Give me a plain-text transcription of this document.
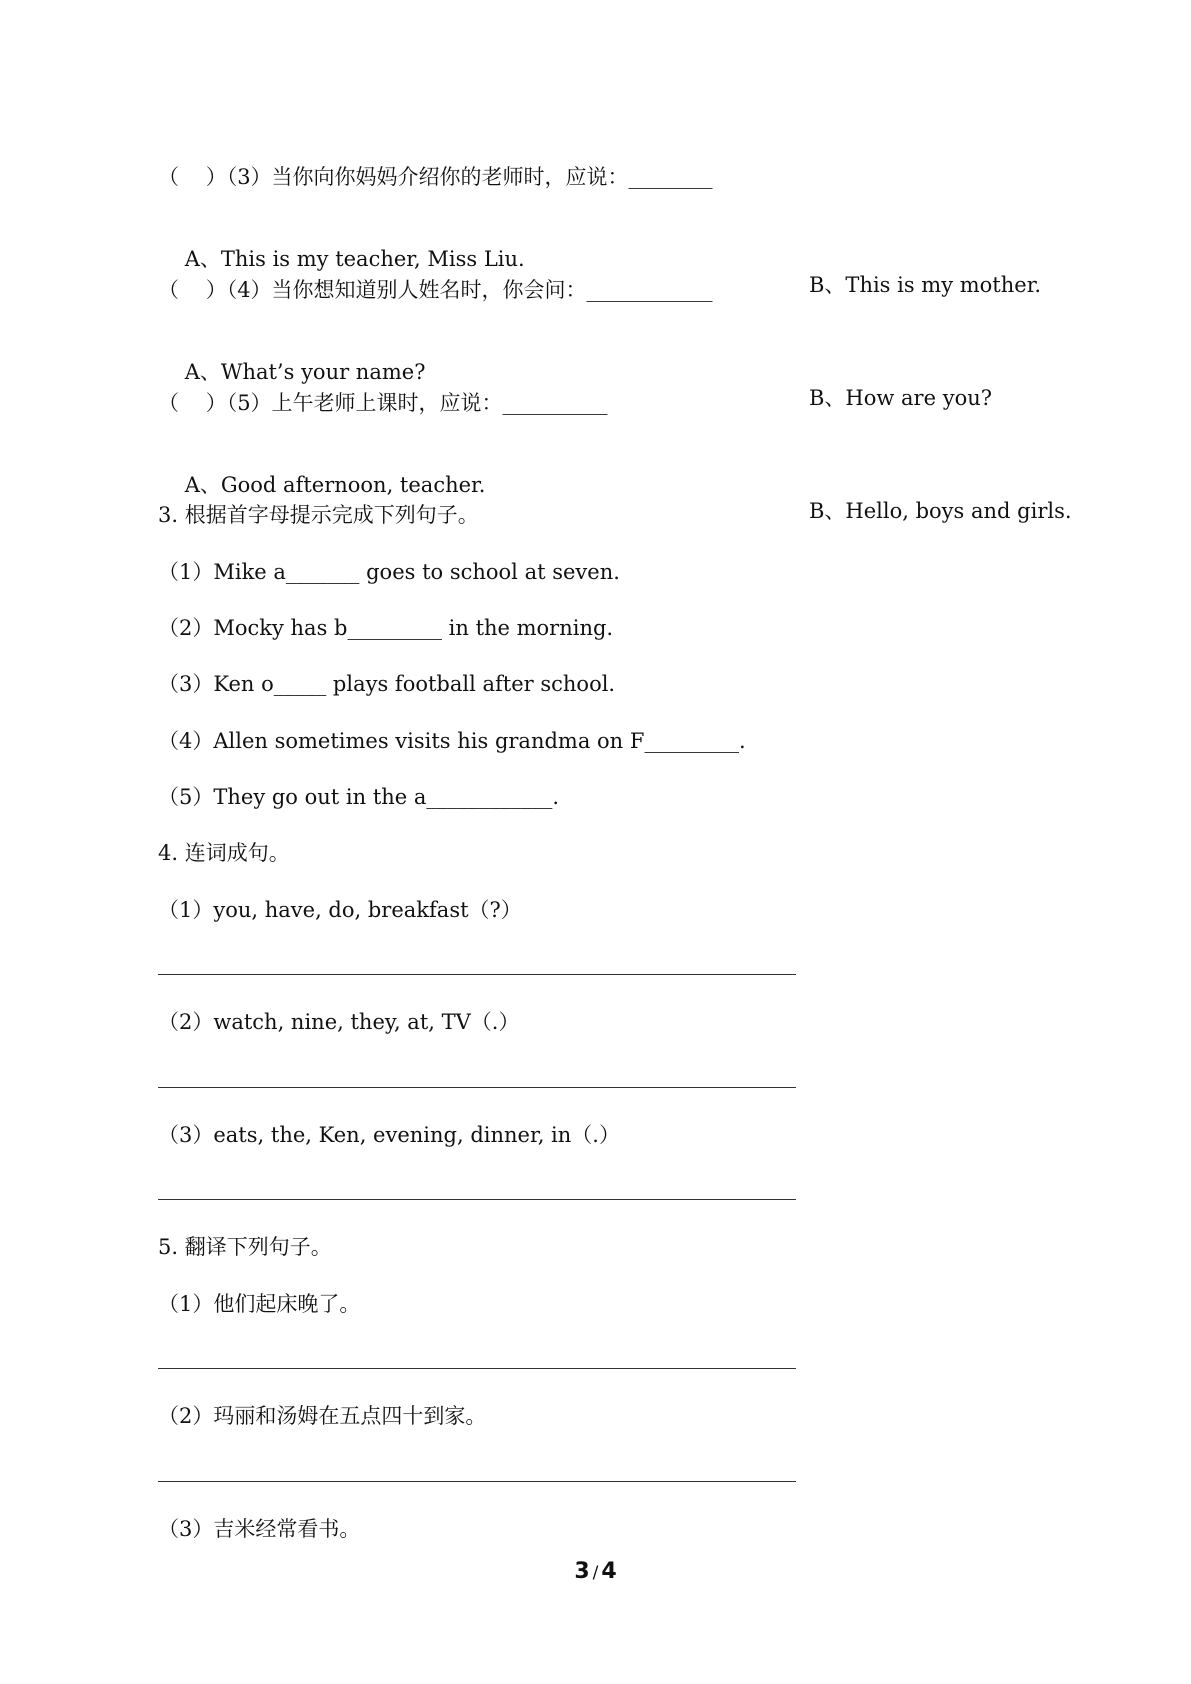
（    ）（3）当你向你妈妈介绍你的老师时，应说：________

A、This is my teacher, Miss Liu.

B、This is my mother.

（    ）（4）当你想知道别人姓名时，你会问：____________

A、What’s your name?

B、How are you?

（    ）（5）上午老师上课时，应说：__________

A、Good afternoon, teacher.

B、Hello, boys and girls.

3. 根据首字母提示完成下列句子。
（1）Mike a_______ goes to school at seven.
（2）Mocky has b_________ in the morning.
（3）Ken o_____ plays football after school.
（4）Allen sometimes visits his grandma on F_________.
（5）They go out in the a____________.
4. 连词成句。
（1）you, have, do, breakfast（?）
（2）watch, nine, they, at, TV（.）
（3）eats, the, Ken, evening, dinner, in（.）
5. 翻译下列句子。
（1）他们起床晚了。
（2）玛丽和汤姆在五点四十到家。
（3）吉米经常看书。
3 / 4
